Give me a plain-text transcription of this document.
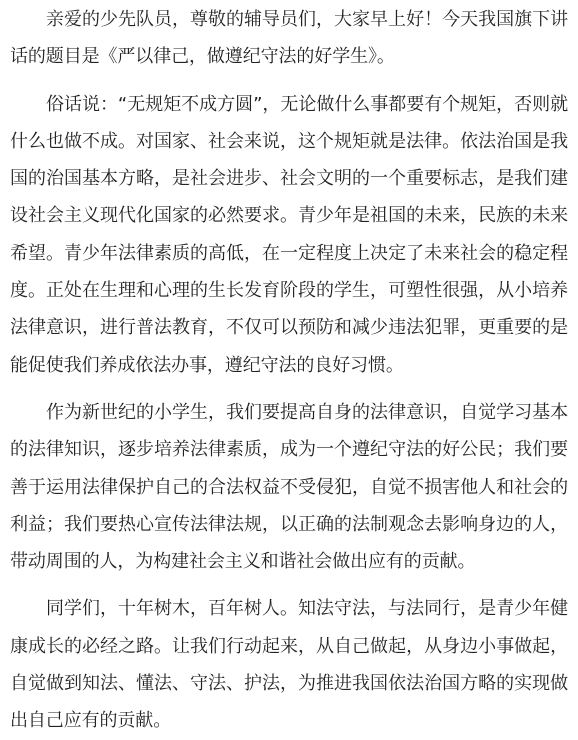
亲爱的少先队员，尊敬的辅导员们，大家早上好！今天我国旗下讲话的题目是《严以律己，做遵纪守法的好学生》。

俗话说：“无规矩不成方圆”，无论做什么事都要有个规矩，否则就什么也做不成。对国家、社会来说，这个规矩就是法律。依法治国是我国的治国基本方略，是社会进步、社会文明的一个重要标志，是我们建设社会主义现代化国家的必然要求。青少年是祖国的未来，民族的未来希望。青少年法律素质的高低，在一定程度上决定了未来社会的稳定程度。正处在生理和心理的生长发育阶段的学生，可塑性很强，从小培养法律意识，进行普法教育，不仅可以预防和减少违法犯罪，更重要的是能促使我们养成依法办事，遵纪守法的良好习惯。

作为新世纪的小学生，我们要提高自身的法律意识，自觉学习基本的法律知识，逐步培养法律素质，成为一个遵纪守法的好公民；我们要善于运用法律保护自己的合法权益不受侵犯，自觉不损害他人和社会的利益；我们要热心宣传法律法规，以正确的法制观念去影响身边的人，带动周围的人，为构建社会主义和谐社会做出应有的贡献。

同学们，十年树木，百年树人。知法守法，与法同行，是青少年健康成长的必经之路。让我们行动起来，从自己做起，从身边小事做起，自觉做到知法、懂法、守法、护法，为推进我国依法治国方略的实现做出自己应有的贡献。
